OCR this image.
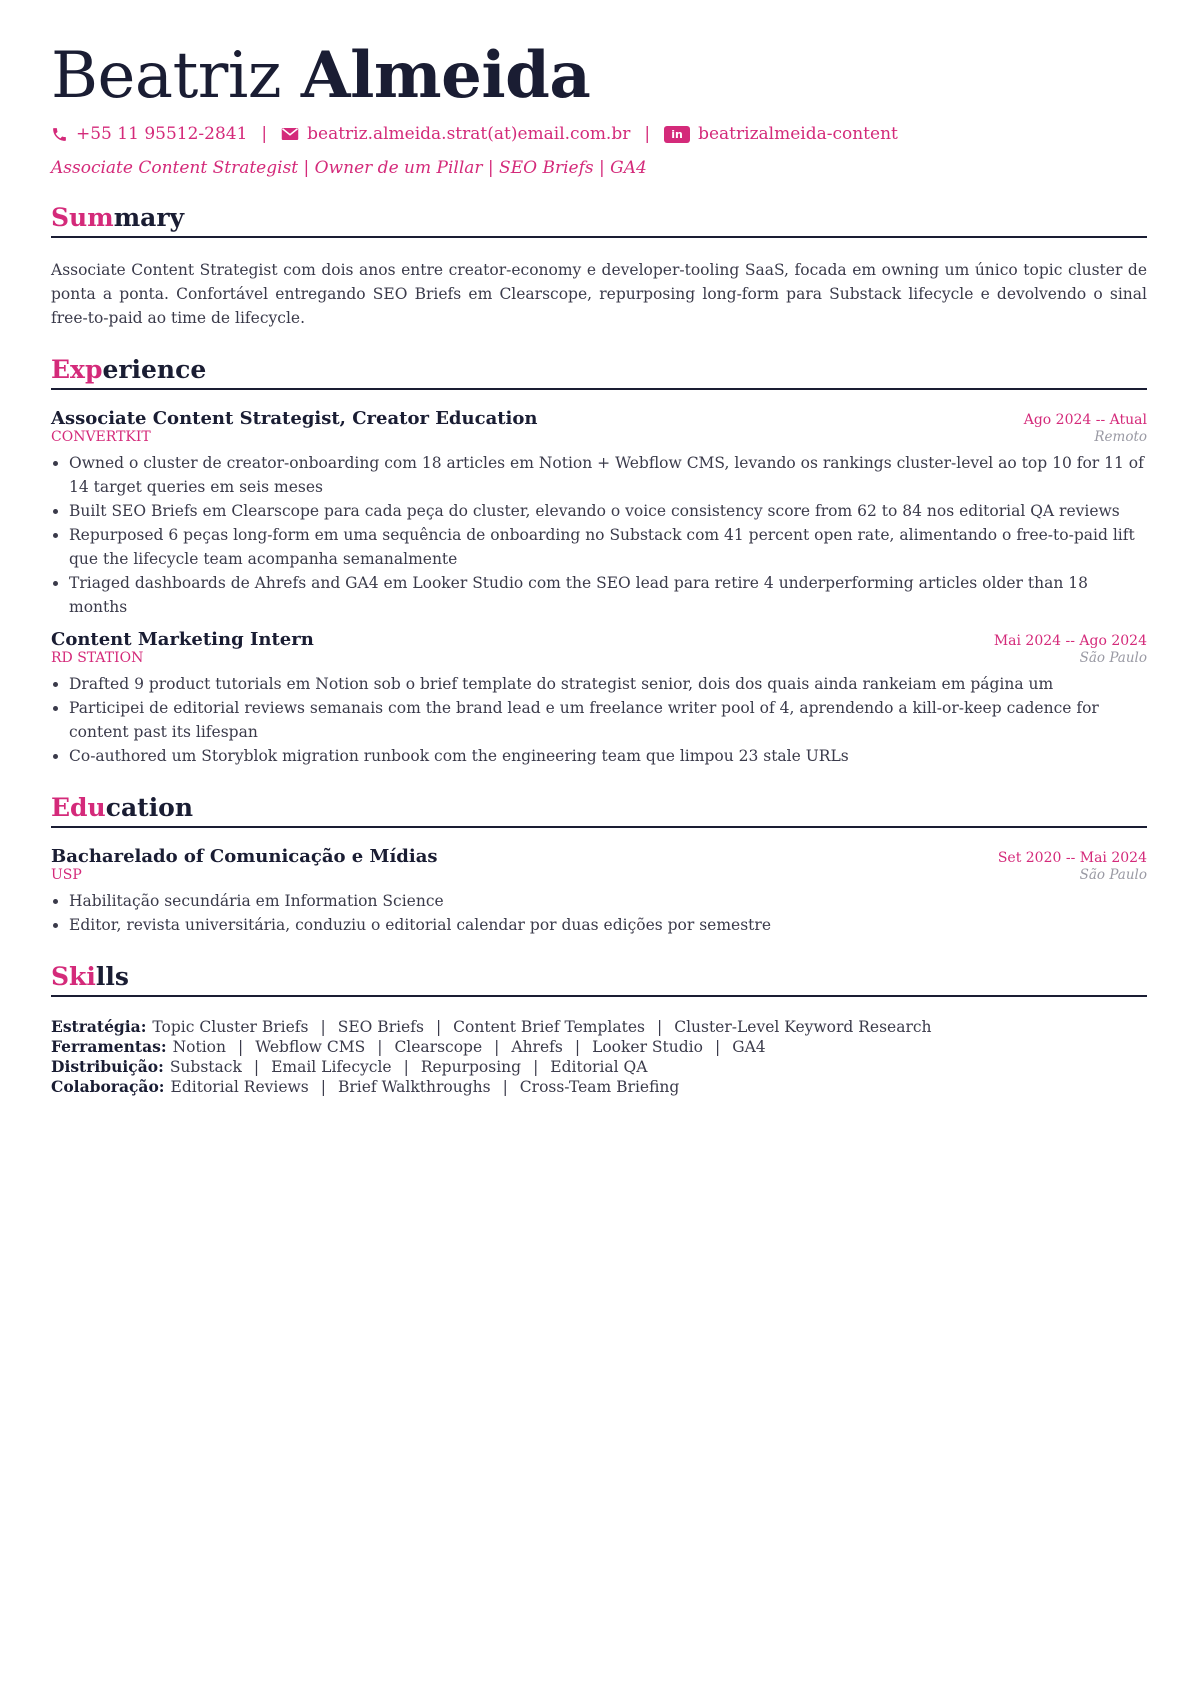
Beatriz Almeida
+55 11 95512-2841 | beatriz.almeida.strat(at)email.com.br |	in beatrizalmeida-content
Associate Content Strategist | Owner de um Pillar | SEO Briefs | GA4
Summary
Associate Content Strategist com dois anos entre creator-economy e developer-tooling SaaS, focada em owning um único topic cluster de ponta a ponta. Confortável entregando SEO Briefs em Clearscope, repurposing long-form para Substack lifecycle e devolvendo o sinal free-to-paid ao time de lifecycle.
Experience
Associate Content Strategist, Creator Education	Ago 2024 -- Atual
CONVERTKIT	Remoto
• Owned o cluster de creator-onboarding com 18 articles em Notion + Webflow CMS, levando os rankings cluster-level ao top 10 for 11 of 14 target queries em seis meses
• Built SEO Briefs em Clearscope para cada peça do cluster, elevando o voice consistency score from 62 to 84 nos editorial QA reviews
• Repurposed 6 peças long-form em uma sequência de onboarding no Substack com 41 percent open rate, alimentando o free-to-paid lift que the lifecycle team acompanha semanalmente
• Triaged dashboards de Ahrefs and GA4 em Looker Studio com the SEO lead para retire 4 underperforming articles older than 18 months
Content Marketing Intern	Mai 2024 -- Ago 2024
RD STATION	São Paulo
• Drafted 9 product tutorials em Notion sob o brief template do strategist senior, dois dos quais ainda rankeiam em página um
• Participei de editorial reviews semanais com the brand lead e um freelance writer pool of 4, aprendendo a kill-or-keep cadence for content past its lifespan
• Co-authored um Storyblok migration runbook com the engineering team que limpou 23 stale URLs
Education
Bacharelado of Comunicação e Mídias	Set 2020 -- Mai 2024
USP	São Paulo
• Habilitação secundária em Information Science
• Editor, revista universitária, conduziu o editorial calendar por duas edições por semestre
Skills
Estratégia: Topic Cluster Briefs | SEO Briefs | Content Brief Templates | Cluster-Level Keyword Research
Ferramentas: Notion | Webflow CMS | Clearscope | Ahrefs | Looker Studio | GA4
Distribuição: Substack | Email Lifecycle | Repurposing | Editorial QA
Colaboração: Editorial Reviews | Brief Walkthroughs | Cross-Team Briefing
